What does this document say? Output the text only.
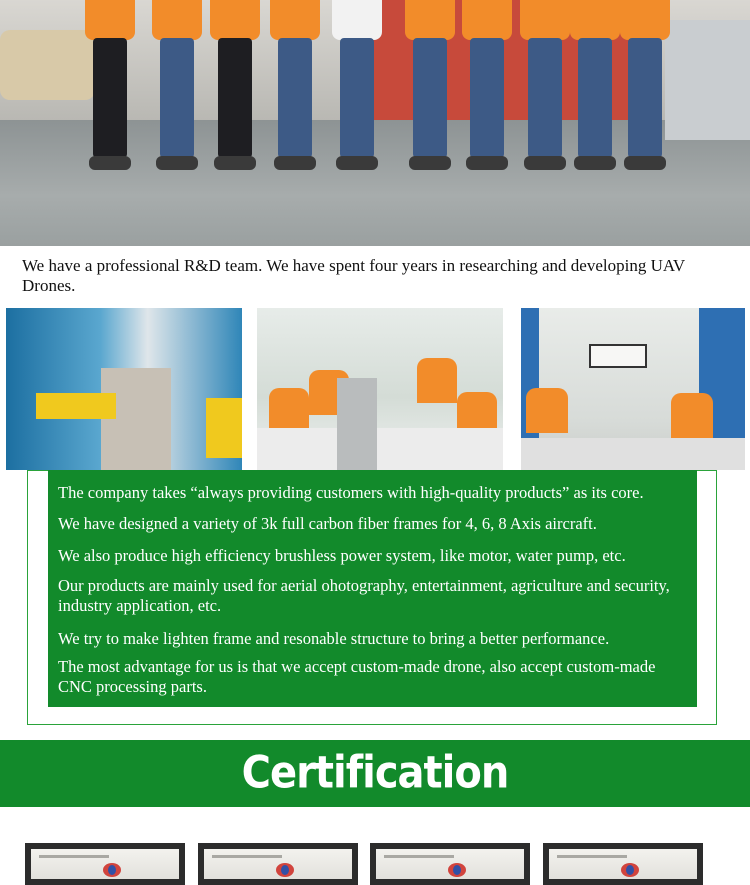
We have a professional R&D team. We have spent four years in researching and developing UAV Drones.
The company takes “always providing customers with high-quality products” as its core.
We have designed a variety of 3k full carbon fiber frames for 4, 6, 8 Axis aircraft.
We also produce high efficiency brushless power system, like motor, water pump, etc.
Our products are mainly used for aerial ohotography, entertainment, agriculture and security, industry application, etc.
We try to make lighten frame and resonable structure to bring a better performance.
The most advantage for us is that we accept custom-made drone, also accept custom-made CNC processing parts.
Certification
